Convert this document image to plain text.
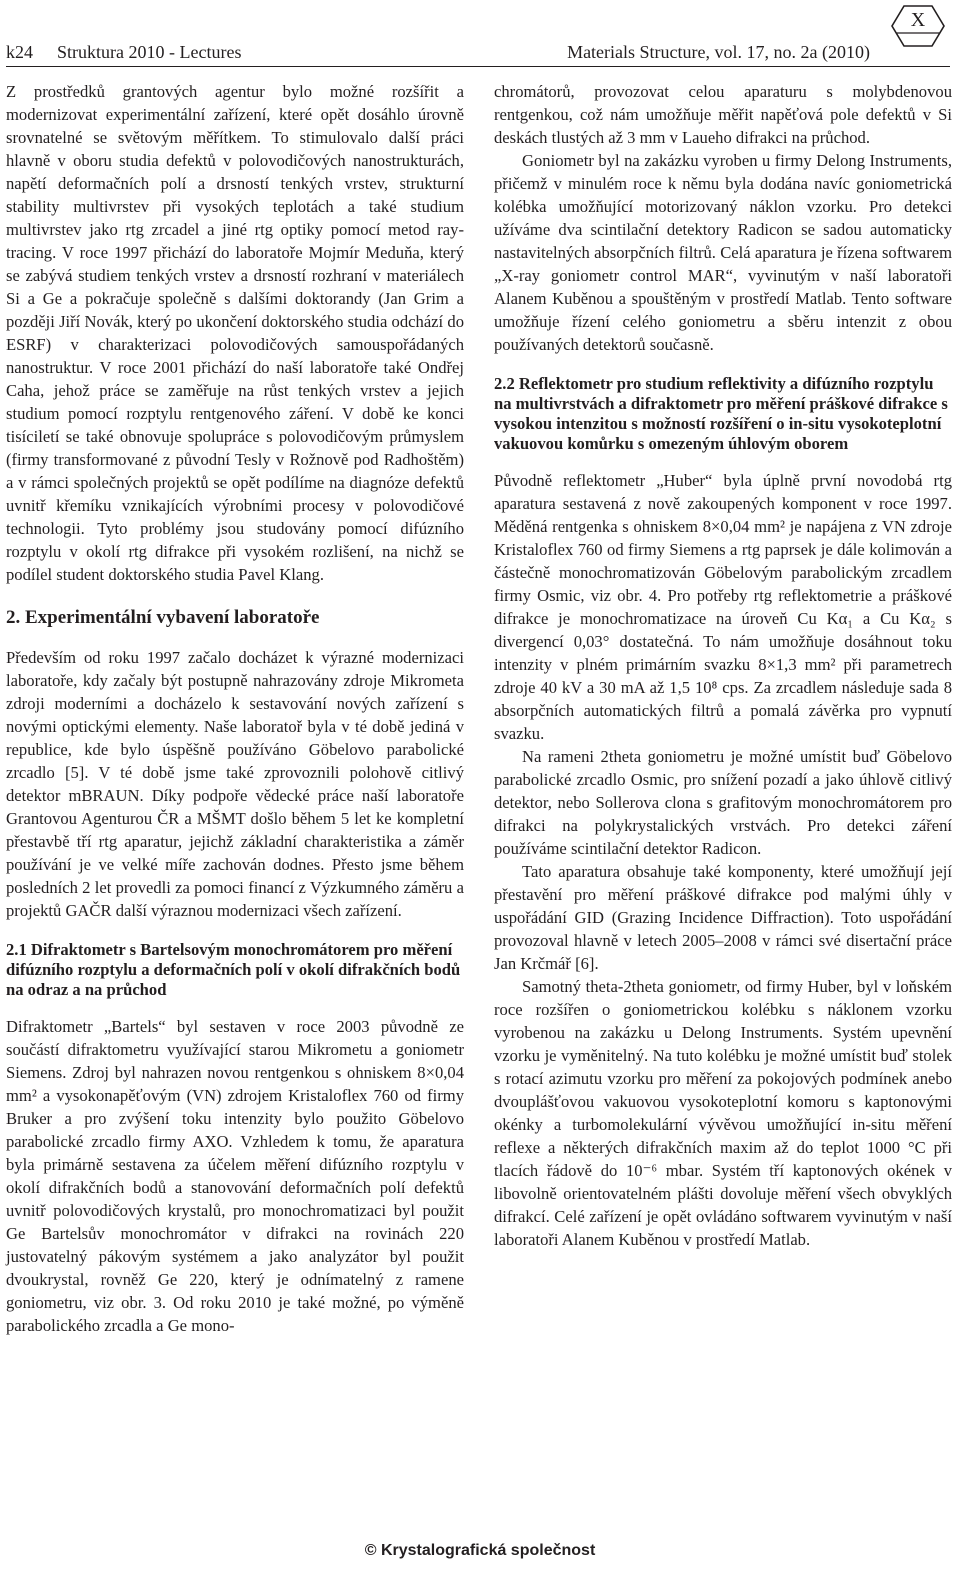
k24 Struktura 2010 - Lectures	Materials Structure, vol. 17, no. 2a (2010)
X

Z prostředků grantových agentur bylo možné rozšířit a modernizovat experimentální zařízení, které opět dosáhlo úrovně srovnatelné se světovým měřítkem. To stimulovalo další práci hlavně v oboru studia defektů v polovodičových nanostrukturách, napětí deformačních polí a drsností tenkých vrstev, strukturní stability multivrstev při vysokých teplotách a také studium multivrstev jako rtg zrcadel a jiné rtg optiky pomocí metod ray-tracing. V roce 1997 přichází do laboratoře Mojmír Meduňa, který se zabývá studiem tenkých vrstev a drsností rozhraní v materiálech Si a Ge a pokračuje společně s dalšími doktorandy (Jan Grim a později Jiří Novák, který po ukončení doktorského studia odchází do ESRF) v charakterizaci polovodičových samouspořádaných nanostruktur. V roce 2001 přichází do naší laboratoře také Ondřej Caha, jehož práce se zaměřuje na růst tenkých vrstev a jejich studium pomocí rozptylu rentgenového záření. V době ke konci tisíciletí se také obnovuje spolupráce s polovodičovým průmyslem (firmy transformované z původní Tesly v Rožnově pod Radhoštěm) a v rámci společných projektů se opět podílíme na diagnóze defektů uvnitř křemíku vznikajících výrobními procesy v polovodičové technologii. Tyto problémy jsou studovány pomocí difúzního rozptylu v okolí rtg difrakce při vysokém rozlišení, na nichž se podílel student doktorského studia Pavel Klang.

2. Experimentální vybavení laboratoře

Především od roku 1997 začalo docházet k výrazné modernizaci laboratoře, kdy začaly být postupně nahrazovány zdroje Mikrometa zdroji moderními a docházelo k sestavování nových zařízení s novými optickými elementy. Naše laboratoř byla v té době jediná v republice, kde bylo úspěšně používáno Göbelovo parabolické zrcadlo [5]. V té době jsme také zprovoznili polohově citlivý detektor mBRAUN. Díky podpoře vědecké práce naší laboratoře Grantovou Agenturou ČR a MŠMT došlo během 5 let ke kompletní přestavbě tří rtg aparatur, jejichž základní charakteristika a záměr používání je ve velké míře zachován dodnes. Přesto jsme během posledních 2 let provedli za pomoci financí z Výzkumného záměru a projektů GAČR další výraznou modernizaci všech zařízení.

2.1 Difraktometr s Bartelsovým monochromátorem pro měření difúzního rozptylu a deformačních polí v okolí difrakčních bodů na odraz a na průchod

Difraktometr „Bartels“ byl sestaven v roce 2003 původně ze součástí difraktometru využívající starou Mikrometu a goniometr Siemens. Zdroj byl nahrazen novou rentgenkou s ohniskem 8×0,04 mm² a vysokonapěťovým (VN) zdrojem Kristaloflex 760 od firmy Bruker a pro zvýšení toku intenzity bylo použito Göbelovo parabolické zrcadlo firmy AXO. Vzhledem k tomu, že aparatura byla primárně sestavena za účelem měření difúzního rozptylu v okolí difrakčních bodů a stanovování deformačních polí defektů uvnitř polovodičových krystalů, pro monochromatizaci byl použit Ge Bartelsův monochromátor v difrakci na rovinách 220 justovatelný pákovým systémem a jako analyzátor byl použit dvoukrystal, rovněž Ge 220, který je odnímatelný z ramene goniometru, viz obr. 3. Od roku 2010 je také možné, po výměně parabolického zrcadla a Ge mono-

chromátorů, provozovat celou aparaturu s molybdenovou rentgenkou, což nám umožňuje měřit napěťová pole defektů v Si deskách tlustých až 3 mm v Laueho difrakci na průchod.

Goniometr byl na zakázku vyroben u firmy Delong Instruments, přičemž v minulém roce k němu byla dodána navíc goniometrická kolébka umožňující motorizovaný náklon vzorku. Pro detekci užíváme dva scintilační detektory Radicon se sadou automaticky nastavitelných absorpčních filtrů. Celá aparatura je řízena softwarem „X-ray goniometr control MAR“, vyvinutým v naší laboratoři Alanem Kuběnou a spouštěným v prostředí Matlab. Tento software umožňuje řízení celého goniometru a sběru intenzit z obou používaných detektorů současně.

2.2 Reflektometr pro studium reflektivity a difúzního rozptylu na multivrstvách a difraktometr pro měření práškové difrakce s vysokou intenzitou s možností rozšíření o in-situ vysokoteplotní vakuovou komůrku s omezeným úhlovým oborem

Původně reflektometr „Huber“ byla úplně první novodobá rtg aparatura sestavená z nově zakoupených komponent v roce 1997. Měděná rentgenka s ohniskem 8×0,04 mm² je napájena z VN zdroje Kristaloflex 760 od firmy Siemens a rtg paprsek je dále kolimován a částečně monochromatizován Göbelovým parabolickým zrcadlem firmy Osmic, viz obr. 4. Pro potřeby rtg reflektometrie a práškové difrakce je monochromatizace na úroveň Cu Kα₁ a Cu Kα₂ s divergencí 0,03° dostatečná. To nám umožňuje dosáhnout toku intenzity v plném primárním svazku 8×1,3 mm² při parametrech zdroje 40 kV a 30 mA až 1,5 10⁸ cps. Za zrcadlem následuje sada 8 absorpčních automatických filtrů a pomalá závěrka pro vypnutí svazku.

Na rameni 2theta goniometru je možné umístit buď Göbelovo parabolické zrcadlo Osmic, pro snížení pozadí a jako úhlově citlivý detektor, nebo Sollerova clona s grafitovým monochromátorem pro difrakci na polykrystalických vrstvách. Pro detekci záření používáme scintilační detektor Radicon.

Tato aparatura obsahuje také komponenty, které umožňují její přestavění pro měření práškové difrakce pod malými úhly v uspořádání GID (Grazing Incidence Diffraction). Toto uspořádání provozoval hlavně v letech 2005–2008 v rámci své disertační práce Jan Krčmář [6].

Samotný theta-2theta goniometr, od firmy Huber, byl v loňském roce rozšířen o goniometrickou kolébku s náklonem vzorku vyrobenou na zakázku u Delong Instruments. Systém upevnění vzorku je vyměnitelný. Na tuto kolébku je možné umístit buď stolek s rotací azimutu vzorku pro měření za pokojových podmínek anebo dvouplášťovou vakuovou vysokoteplotní komoru s kaptonovými okénky a turbomolekulární vývěvou umožňující in-situ měření reflexe a některých difrakčních maxim až do teplot 1000 °C při tlacích řádově do 10⁻⁶ mbar. Systém tří kaptonových okének v libovolně orientovatelném plášti dovoluje měření všech obvyklých difrakcí. Celé zařízení je opět ovládáno softwarem vyvinutým v naší laboratoři Alanem Kuběnou v prostředí Matlab.

© Krystalografická společnost
